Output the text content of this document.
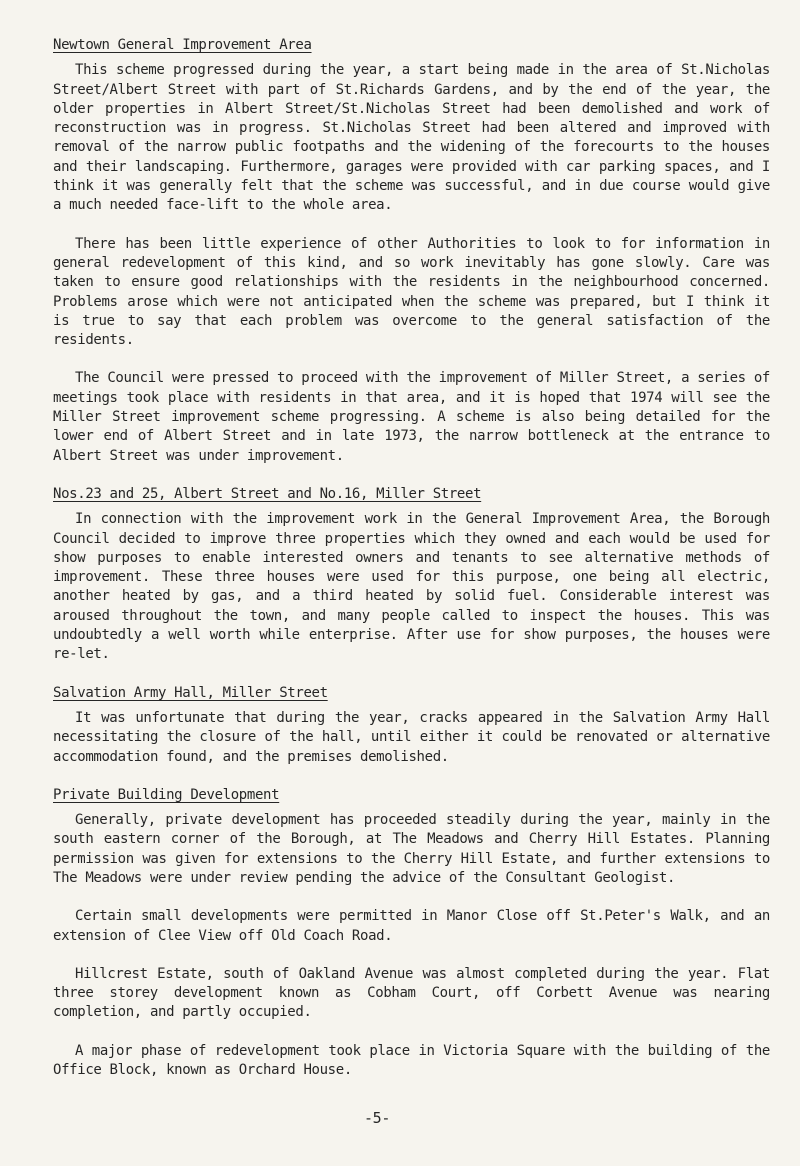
Newtown General Improvement Area

This scheme progressed during the year, a start being made in the area of St.Nicholas Street/Albert Street with part of St.Richards Gardens, and by the end of the year, the older properties in Albert Street/St.Nicholas Street had been demolished and work of reconstruction was in progress. St.Nicholas Street had been altered and improved with removal of the narrow public footpaths and the widening of the forecourts to the houses and their landscaping. Furthermore, garages were provided with car parking spaces, and I think it was generally felt that the scheme was successful, and in due course would give a much needed face-lift to the whole area.

There has been little experience of other Authorities to look to for information in general redevelopment of this kind, and so work inevitably has gone slowly. Care was taken to ensure good relationships with the residents in the neighbourhood concerned. Problems arose which were not anticipated when the scheme was prepared, but I think it is true to say that each problem was overcome to the general satisfaction of the residents.

The Council were pressed to proceed with the improvement of Miller Street, a series of meetings took place with residents in that area, and it is hoped that 1974 will see the Miller Street improvement scheme progressing. A scheme is also being detailed for the lower end of Albert Street and in late 1973, the narrow bottleneck at the entrance to Albert Street was under improvement.

Nos.23 and 25, Albert Street and No.16, Miller Street

In connection with the improvement work in the General Improvement Area, the Borough Council decided to improve three properties which they owned and each would be used for show purposes to enable interested owners and tenants to see alternative methods of improvement. These three houses were used for this purpose, one being all electric, another heated by gas, and a third heated by solid fuel. Considerable interest was aroused throughout the town, and many people called to inspect the houses. This was undoubtedly a well worth while enterprise. After use for show purposes, the houses were re-let.

Salvation Army Hall, Miller Street

It was unfortunate that during the year, cracks appeared in the Salvation Army Hall necessitating the closure of the hall, until either it could be renovated or alternative accommodation found, and the premises demolished.

Private Building Development

Generally, private development has proceeded steadily during the year, mainly in the south eastern corner of the Borough, at The Meadows and Cherry Hill Estates. Planning permission was given for extensions to the Cherry Hill Estate, and further extensions to The Meadows were under review pending the advice of the Consultant Geologist.

Certain small developments were permitted in Manor Close off St.Peter's Walk, and an extension of Clee View off Old Coach Road.

Hillcrest Estate, south of Oakland Avenue was almost completed during the year. Flat three storey development known as Cobham Court, off Corbett Avenue was nearing completion, and partly occupied.

A major phase of redevelopment took place in Victoria Square with the building of the Office Block, known as Orchard House.

-5-
